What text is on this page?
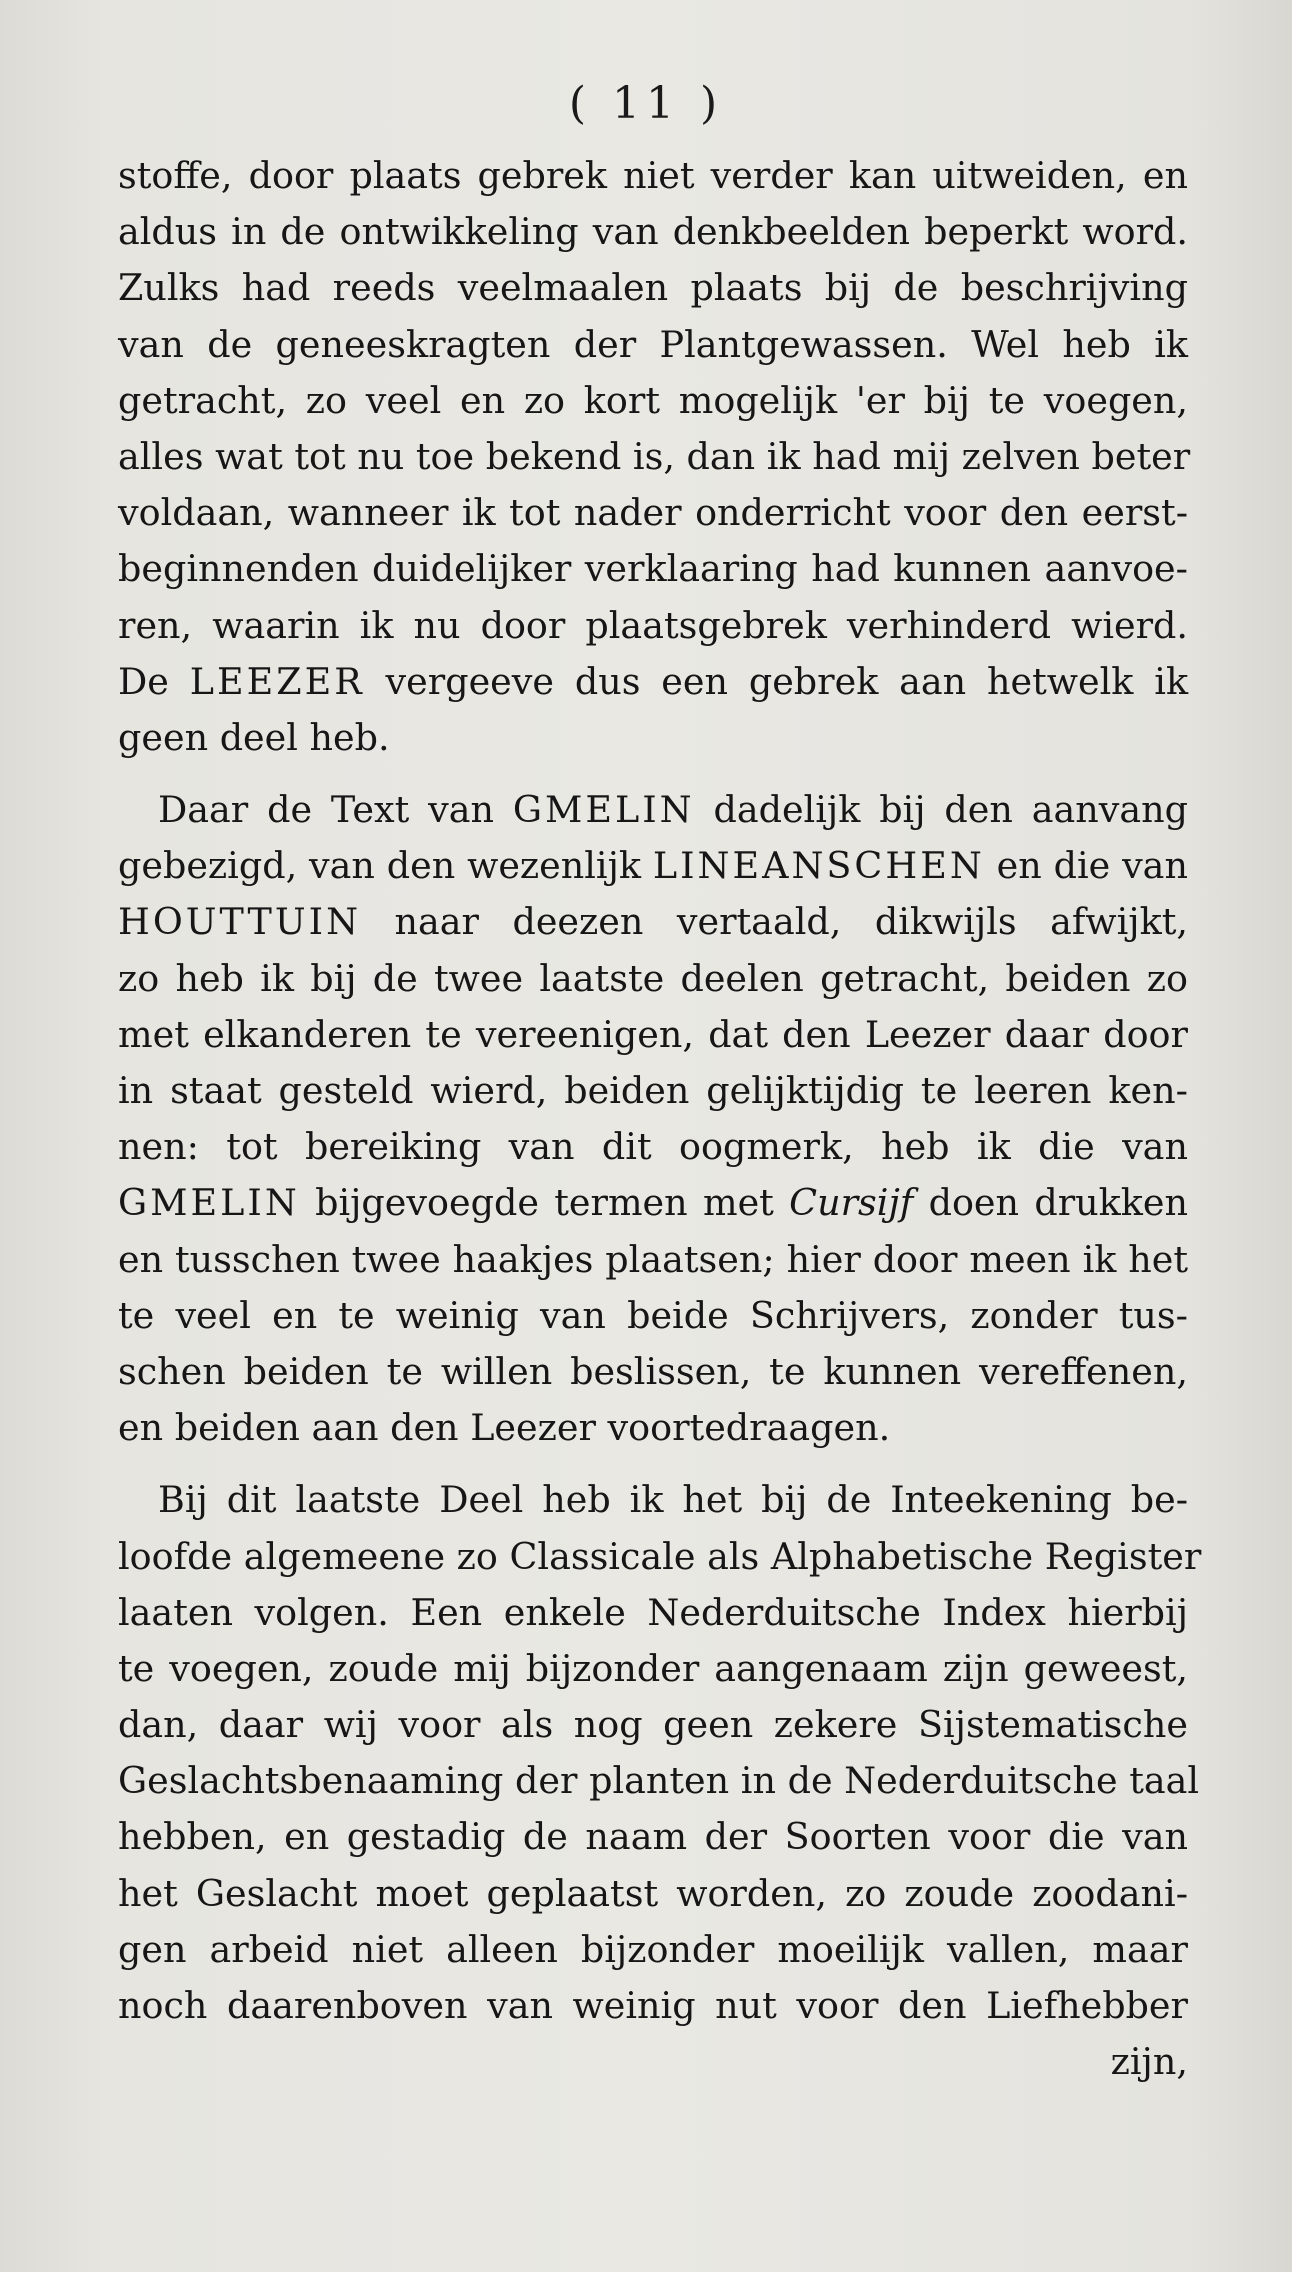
( 11 )

stoffe, door plaats gebrek niet verder kan uitweiden, en
aldus in de ontwikkeling van denkbeelden beperkt word.
Zulks had reeds veelmaalen plaats bij de beschrijving
van de geneeskragten der Plantgewassen. Wel heb ik
getracht, zo veel en zo kort mogelijk 'er bij te voegen,
alles wat tot nu toe bekend is, dan ik had mij zelven beter
voldaan, wanneer ik tot nader onderricht voor den eerst-
beginnenden duidelijker verklaaring had kunnen aanvoe-
ren, waarin ik nu door plaatsgebrek verhinderd wierd.
De LEEZER vergeeve dus een gebrek aan hetwelk ik
geen deel heb.

Daar de Text van GMELIN dadelijk bij den aanvang
gebezigd, van den wezenlijk LINEANSCHEN en die van
HOUTTUIN naar deezen vertaald, dikwijls afwijkt,
zo heb ik bij de twee laatste deelen getracht, beiden zo
met elkanderen te vereenigen, dat den Leezer daar door
in staat gesteld wierd, beiden gelijktijdig te leeren ken-
nen: tot bereiking van dit oogmerk, heb ik die van
GMELIN bijgevoegde termen met Cursijf doen drukken
en tusschen twee haakjes plaatsen; hier door meen ik het
te veel en te weinig van beide Schrijvers, zonder tus-
schen beiden te willen beslissen, te kunnen vereffenen,
en beiden aan den Leezer voortedraagen.

Bij dit laatste Deel heb ik het bij de Inteekening be-
loofde algemeene zo Classicale als Alphabetische Register
laaten volgen. Een enkele Nederduitsche Index hierbij
te voegen, zoude mij bijzonder aangenaam zijn geweest,
dan, daar wij voor als nog geen zekere Sijstematische
Geslachtsbenaaming der planten in de Nederduitsche taal
hebben, en gestadig de naam der Soorten voor die van
het Geslacht moet geplaatst worden, zo zoude zoodani-
gen arbeid niet alleen bijzonder moeilijk vallen, maar
noch daarenboven van weinig nut voor den Liefhebber

zijn,
